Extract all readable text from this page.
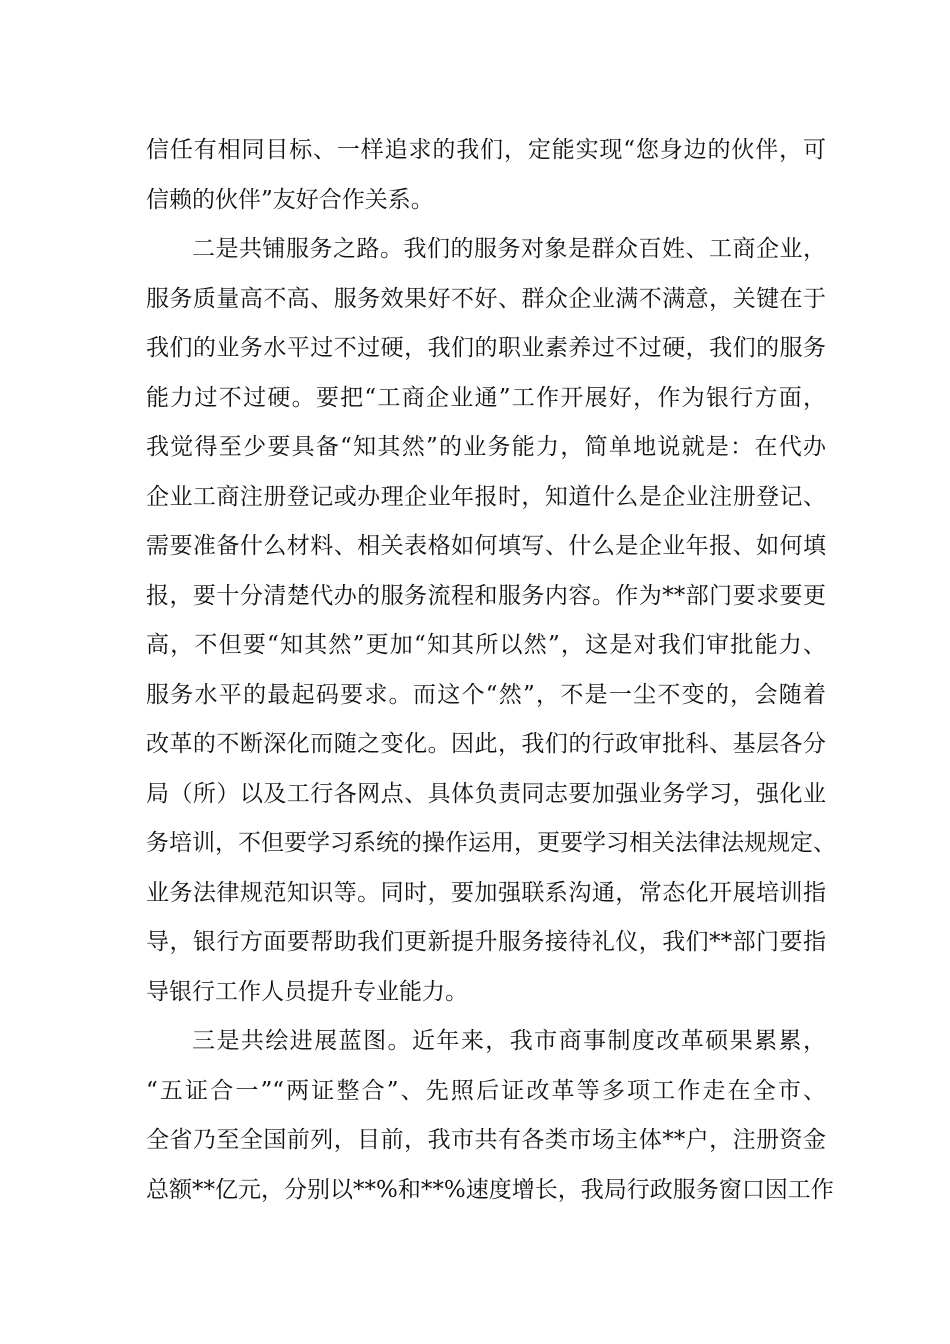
信任有相同目标、一样追求的我们，定能实现“您身边的伙伴，可
信赖的伙伴”友好合作关系。
二是共铺服务之路。我们的服务对象是群众百姓、工商企业，
服务质量高不高、服务效果好不好、群众企业满不满意，关键在于
我们的业务水平过不过硬，我们的职业素养过不过硬，我们的服务
能力过不过硬。要把“工商企业通”工作开展好，作为银行方面，
我觉得至少要具备“知其然”的业务能力，简单地说就是：在代办
企业工商注册登记或办理企业年报时，知道什么是企业注册登记、
需要准备什么材料、相关表格如何填写、什么是企业年报、如何填
报，要十分清楚代办的服务流程和服务内容。作为**部门要求要更
高，不但要“知其然”更加“知其所以然”，这是对我们审批能力、
服务水平的最起码要求。而这个“然”，不是一尘不变的，会随着
改革的不断深化而随之变化。因此，我们的行政审批科、基层各分
局（所）以及工行各网点、具体负责同志要加强业务学习，强化业
务培训，不但要学习系统的操作运用，更要学习相关法律法规规定、
业务法律规范知识等。同时，要加强联系沟通，常态化开展培训指
导，银行方面要帮助我们更新提升服务接待礼仪，我们**部门要指
导银行工作人员提升专业能力。
三是共绘进展蓝图。近年来，我市商事制度改革硕果累累，
“五证合一”“两证整合”、先照后证改革等多项工作走在全市、
全省乃至全国前列，目前，我市共有各类市场主体**户，注册资金
总额**亿元，分别以**%和**%速度增长，我局行政服务窗口因工作
